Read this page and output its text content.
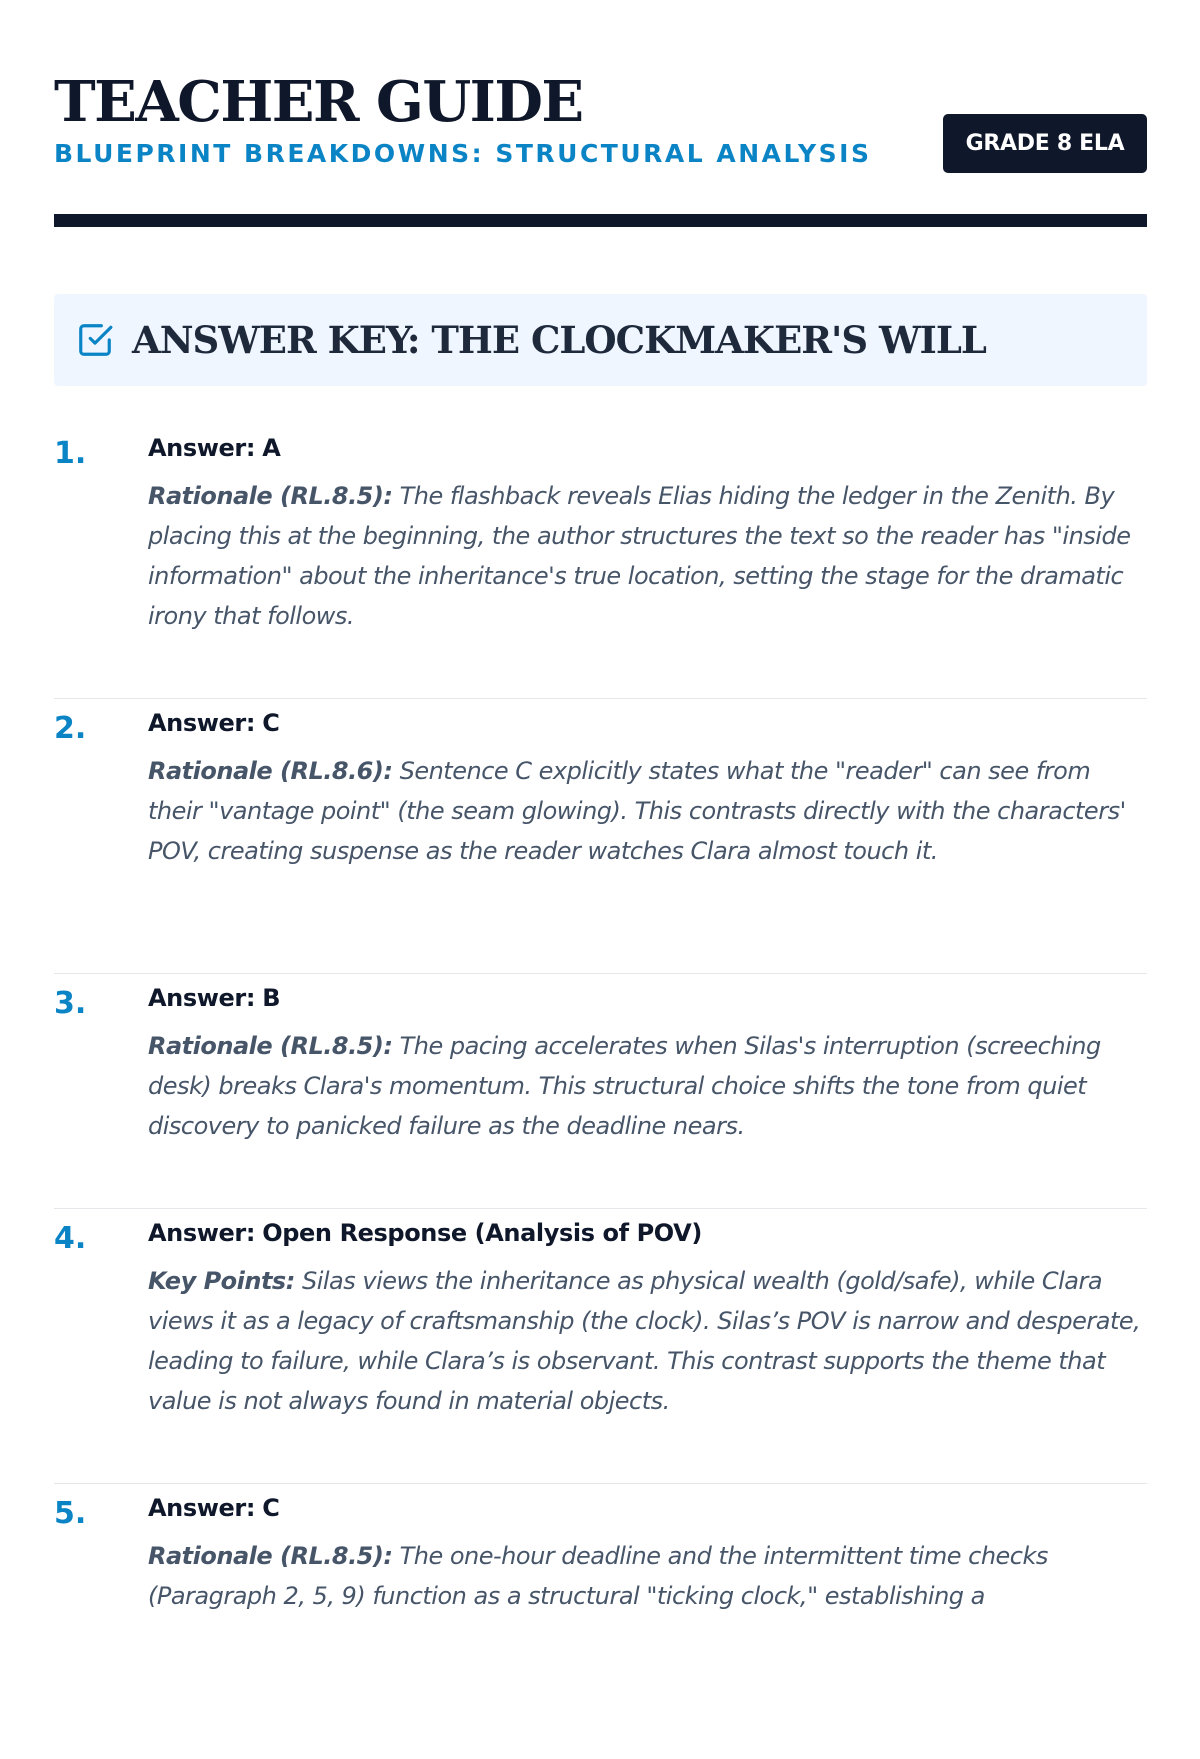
TEACHER GUIDE
BLUEPRINT BREAKDOWNS: STRUCTURAL ANALYSIS	GRADE 8 ELA
ANSWER KEY: THE CLOCKMAKER'S WILL
1.	Answer: A

Rationale (RL.8.5): The flashback reveals Elias hiding the ledger in the Zenith. By placing this at the beginning, the author structures the text so the reader has "inside information" about the inheritance's true location, setting the stage for the dramatic irony that follows.

2.	Answer: C

Rationale (RL.8.6): Sentence C explicitly states what the "reader" can see from their "vantage point" (the seam glowing). This contrasts directly with the characters' POV, creating suspense as the reader watches Clara almost touch it.

3.	Answer: B

Rationale (RL.8.5): The pacing accelerates when Silas's interruption (screeching desk) breaks Clara's momentum. This structural choice shifts the tone from quiet discovery to panicked failure as the deadline nears.

4.	Answer: Open Response (Analysis of POV)

Key Points: Silas views the inheritance as physical wealth (gold/safe), while Clara views it as a legacy of craftsmanship (the clock). Silas’s POV is narrow and desperate, leading to failure, while Clara’s is observant. This contrast supports the theme that value is not always found in material objects.

5.	Answer: C

Rationale (RL.8.5): The one-hour deadline and the intermittent time checks (Paragraph 2, 5, 9) function as a structural "ticking clock," establishing a
